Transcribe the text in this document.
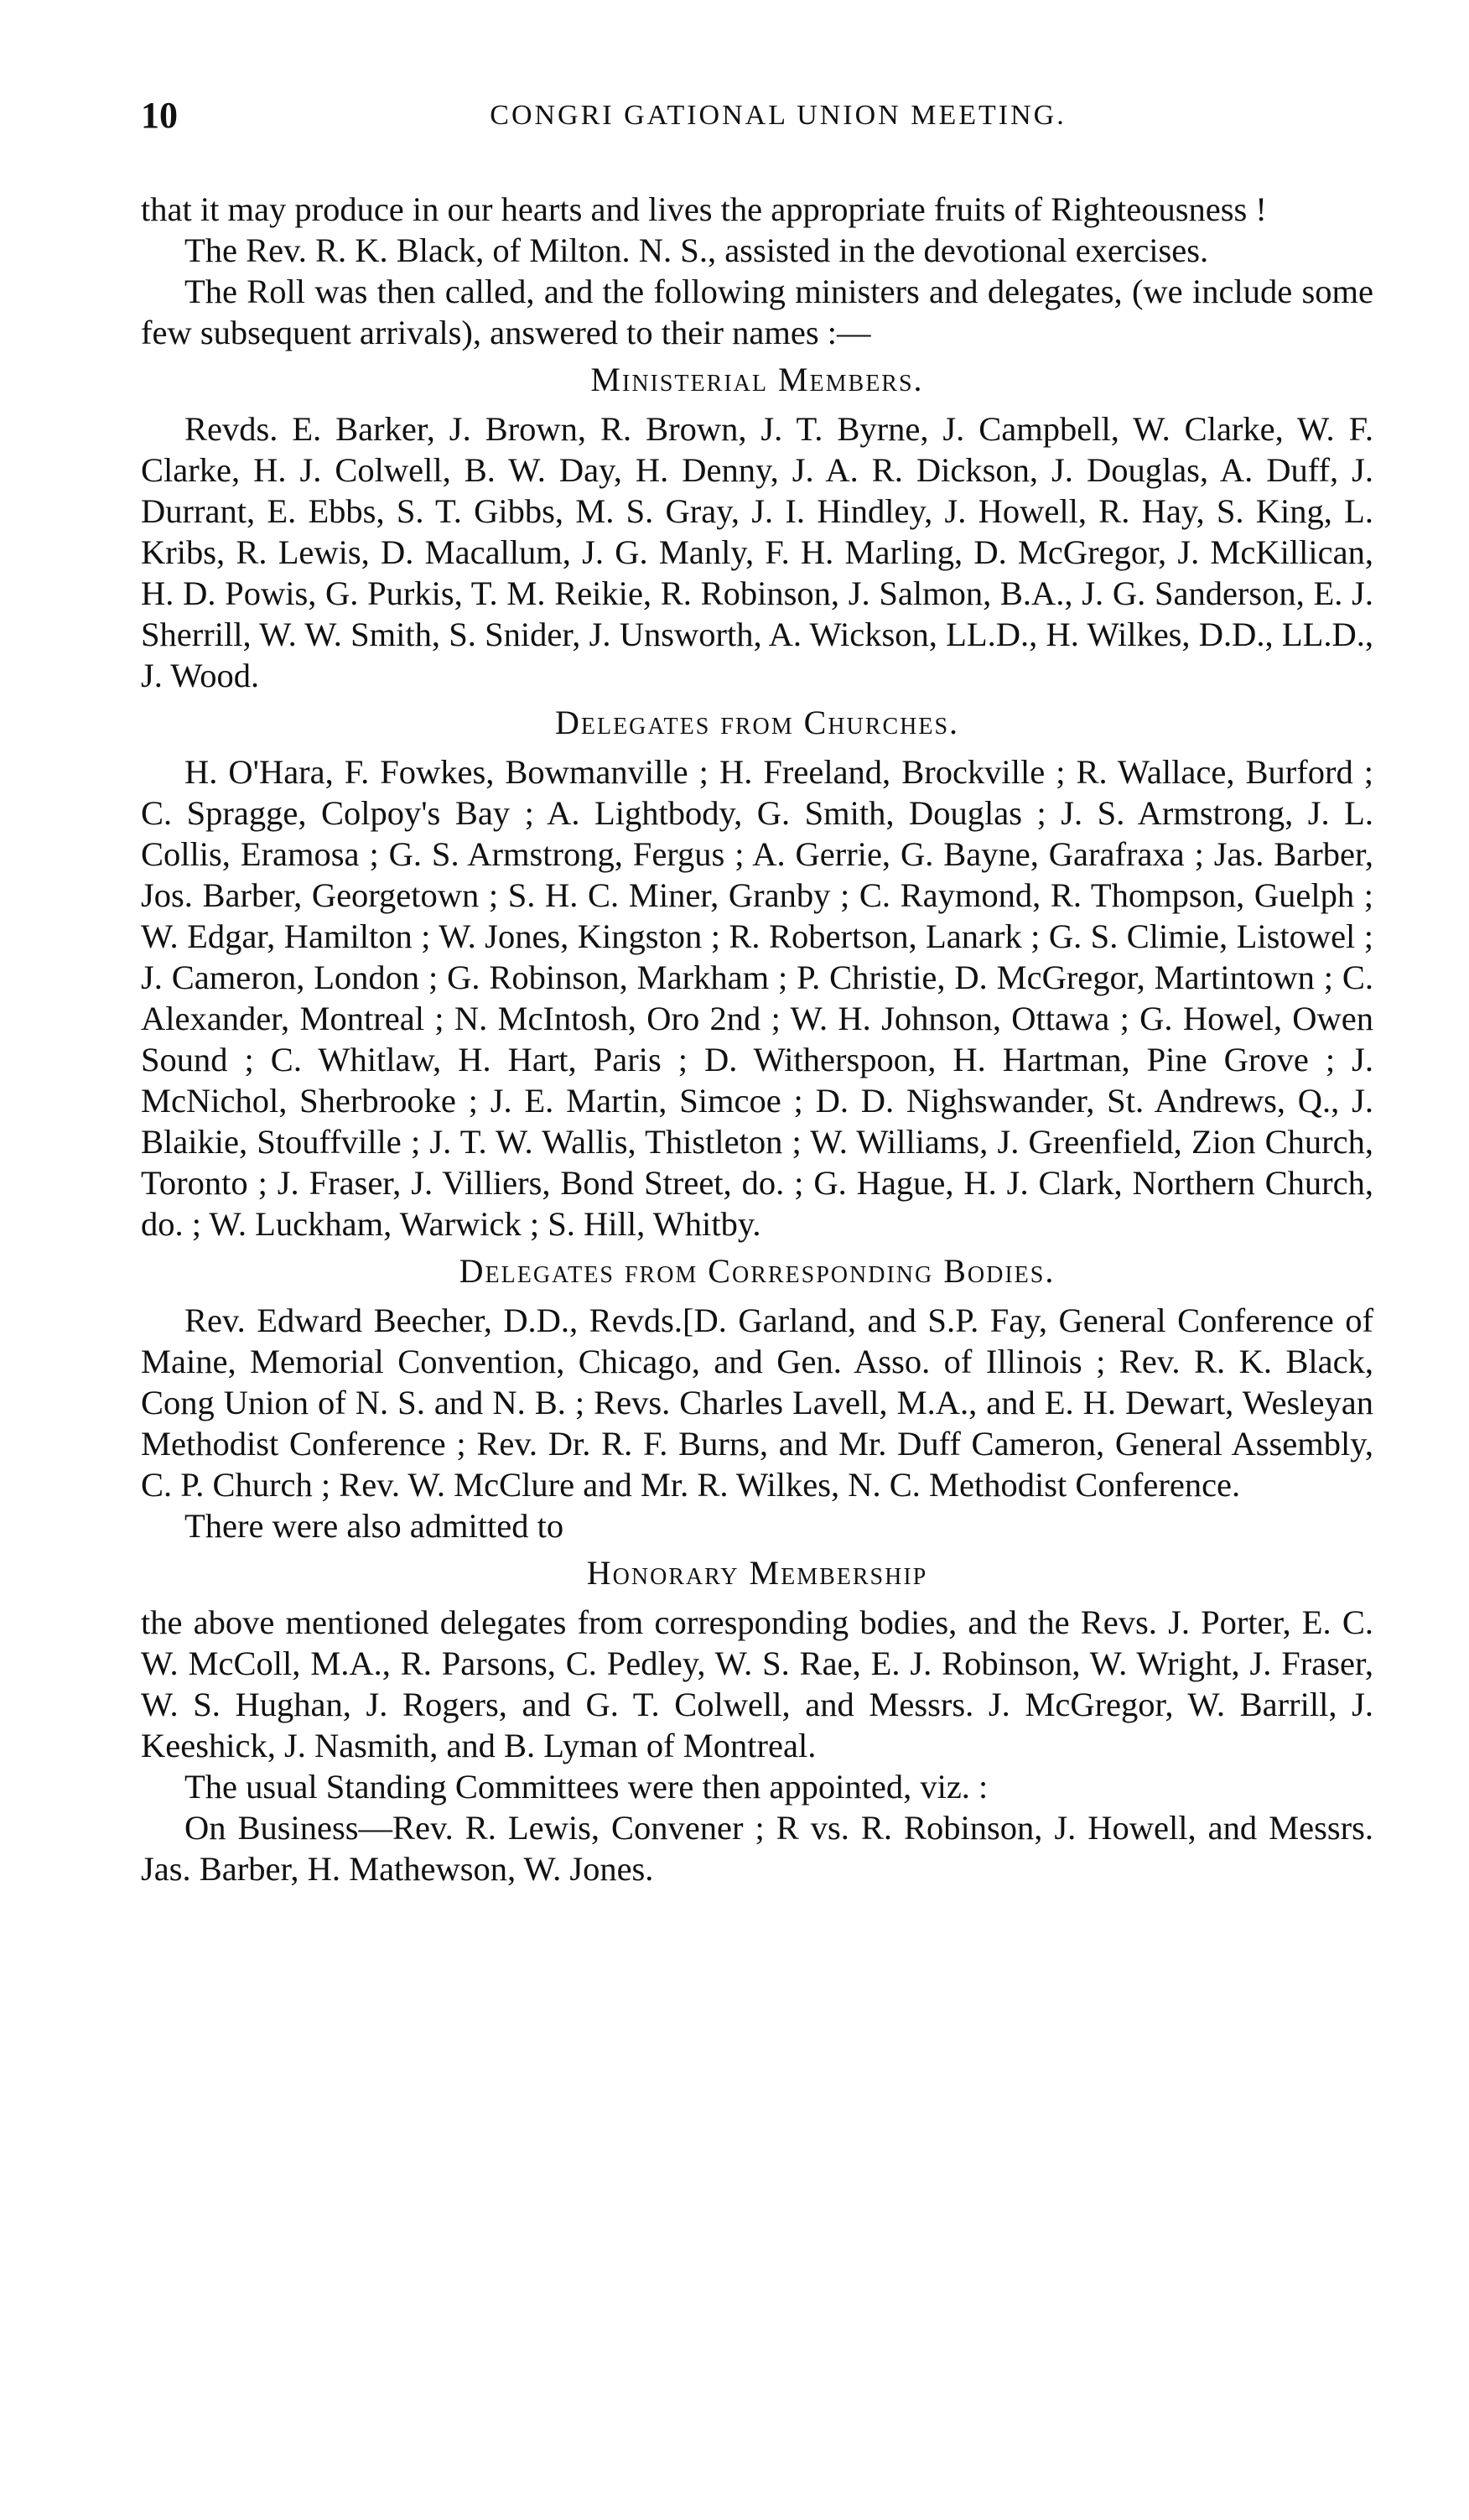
10	CONGRI GATIONAL UNION MEETING.

that it may produce in our hearts and lives the appropriate fruits of Righteousness !

The Rev. R. K. Black, of Milton. N. S., assisted in the devotional exercises.

The Roll was then called, and the following ministers and delegates, (we include some few subsequent arrivals), answered to their names :—

Ministerial Members.

Revds. E. Barker, J. Brown, R. Brown, J. T. Byrne, J. Campbell, W. Clarke, W. F. Clarke, H. J. Colwell, B. W. Day, H. Denny, J. A. R. Dickson, J. Douglas, A. Duff, J. Durrant, E. Ebbs, S. T. Gibbs, M. S. Gray, J. I. Hindley, J. Howell, R. Hay, S. King, L. Kribs, R. Lewis, D. Macallum, J. G. Manly, F. H. Marling, D. McGregor, J. McKillican, H. D. Powis, G. Purkis, T. M. Reikie, R. Robinson, J. Salmon, B.A., J. G. Sanderson, E. J. Sherrill, W. W. Smith, S. Snider, J. Unsworth, A. Wickson, LL.D., H. Wilkes, D.D., LL.D., J. Wood.

Delegates from Churches.

H. O'Hara, F. Fowkes, Bowmanville ; H. Freeland, Brockville ; R. Wallace, Burford ; C. Spragge, Colpoy's Bay ; A. Lightbody, G. Smith, Douglas ; J. S. Armstrong, J. L. Collis, Eramosa ; G. S. Armstrong, Fergus ; A. Gerrie, G. Bayne, Garafraxa ; Jas. Barber, Jos. Barber, Georgetown ; S. H. C. Miner, Granby ; C. Raymond, R. Thompson, Guelph ; W. Edgar, Hamilton ; W. Jones, Kingston ; R. Robertson, Lanark ; G. S. Climie, Listowel ; J. Cameron, London ; G. Robinson, Markham ; P. Christie, D. McGregor, Martintown ; C. Alexander, Montreal ; N. McIntosh, Oro 2nd ; W. H. Johnson, Ottawa ; G. Howel, Owen Sound ; C. Whitlaw, H. Hart, Paris ; D. Witherspoon, H. Hartman, Pine Grove ; J. McNichol, Sherbrooke ; J. E. Martin, Simcoe ; D. D. Nighswander, St. Andrews, Q., J. Blaikie, Stouffville ; J. T. W. Wallis, Thistleton ; W. Williams, J. Greenfield, Zion Church, Toronto ; J. Fraser, J. Villiers, Bond Street, do. ; G. Hague, H. J. Clark, Northern Church, do. ; W. Luckham, Warwick ; S. Hill, Whitby.

Delegates from Corresponding Bodies.

Rev. Edward Beecher, D.D., Revds.[D. Garland, and S.P. Fay, General Conference of Maine, Memorial Convention, Chicago, and Gen. Asso. of Illinois ; Rev. R. K. Black, Cong Union of N. S. and N. B. ; Revs. Charles Lavell, M.A., and E. H. Dewart, Wesleyan Methodist Conference ; Rev. Dr. R. F. Burns, and Mr. Duff Cameron, General Assembly, C. P. Church ; Rev. W. McClure and Mr. R. Wilkes, N. C. Methodist Conference.

There were also admitted to

Honorary Membership

the above mentioned delegates from corresponding bodies, and the Revs. J. Porter, E. C. W. McColl, M.A., R. Parsons, C. Pedley, W. S. Rae, E. J. Robinson, W. Wright, J. Fraser, W. S. Hughan, J. Rogers, and G. T. Colwell, and Messrs. J. McGregor, W. Barrill, J. Keeshick, J. Nasmith, and B. Lyman of Montreal.

The usual Standing Committees were then appointed, viz. :

On Business—Rev. R. Lewis, Convener ; R vs. R. Robinson, J. Howell, and Messrs. Jas. Barber, H. Mathewson, W. Jones.
